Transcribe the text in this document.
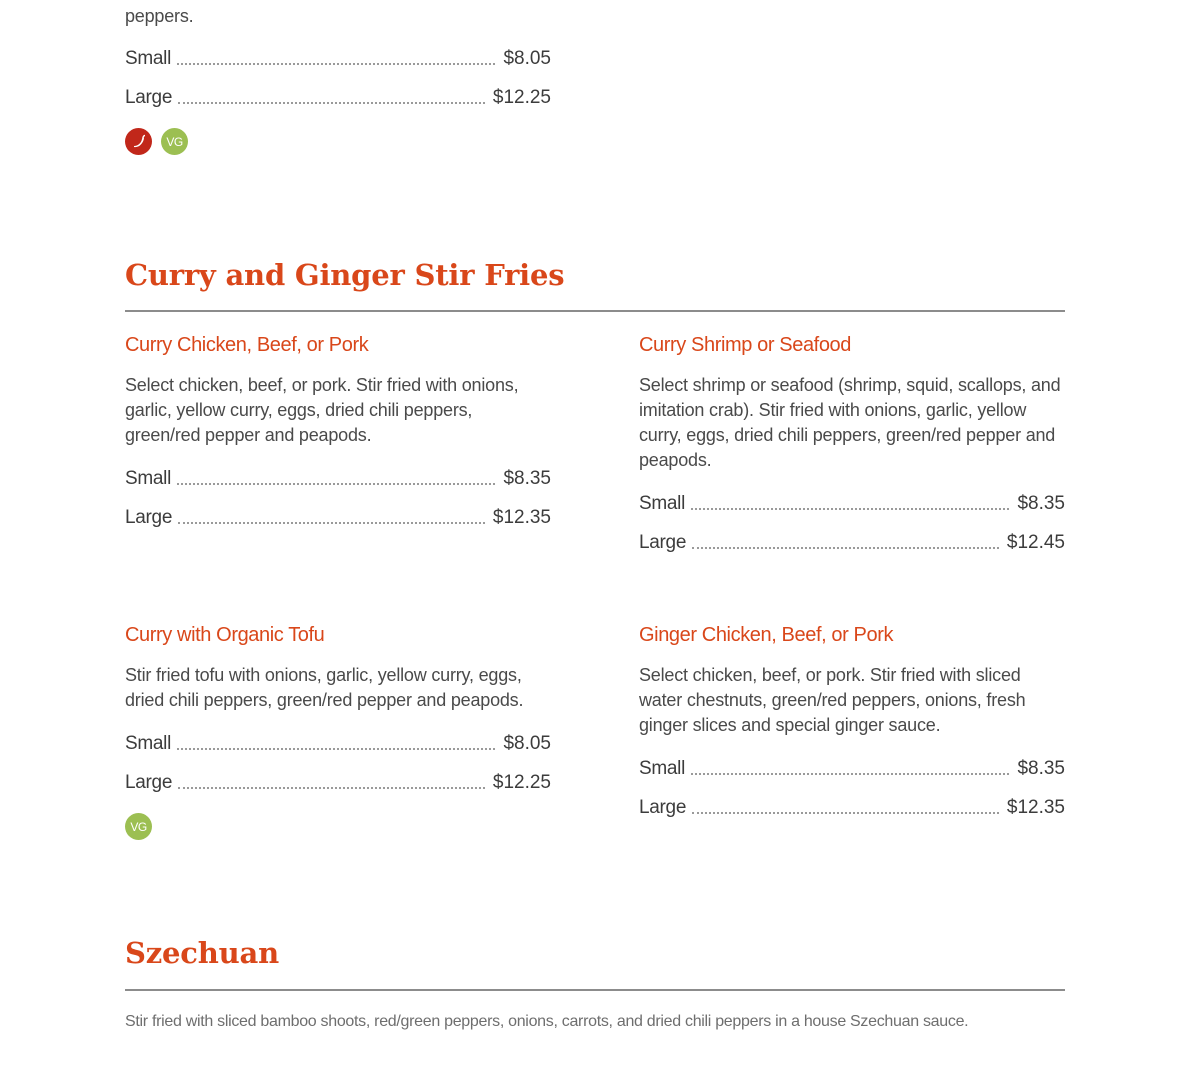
peppers.
Small	$8.05
Large	$12.25
VG
Curry and Ginger Stir Fries
Curry Chicken, Beef, or Pork
Select chicken, beef, or pork. Stir fried with onions, garlic, yellow curry, eggs, dried chili peppers, green/red pepper and peapods.
Small	$8.35
Large	$12.35
Curry Shrimp or Seafood
Select shrimp or seafood (shrimp, squid, scallops, and imitation crab). Stir fried with onions, garlic, yellow curry, eggs, dried chili peppers, green/red pepper and peapods.
Small	$8.35
Large	$12.45
Curry with Organic Tofu
Stir fried tofu with onions, garlic, yellow curry, eggs, dried chili peppers, green/red pepper and peapods.
Small	$8.05
Large	$12.25
VG
Ginger Chicken, Beef, or Pork
Select chicken, beef, or pork. Stir fried with sliced water chestnuts, green/red peppers, onions, fresh ginger slices and special ginger sauce.
Small	$8.35
Large	$12.35
Szechuan
Stir fried with sliced bamboo shoots, red/green peppers, onions, carrots, and dried chili peppers in a house Szechuan sauce.
